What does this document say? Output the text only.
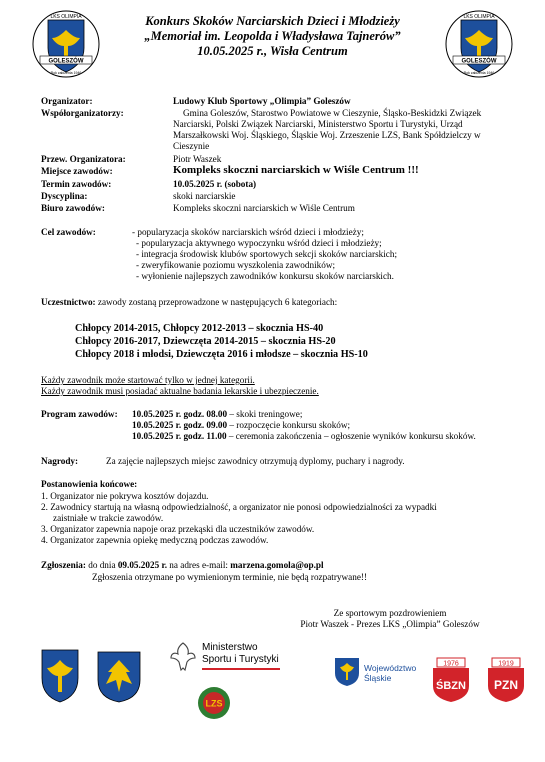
LKS OLIMPIA
GOLESZÓW
Rok założenia 1946
LKS OLIMPIA
GOLESZÓW
Rok założenia 1946
Konkurs Skoków Narciarskich Dzieci i Młodzieży
„Memoriał im. Leopolda i Władysława Tajnerów”
10.05.2025 r., Wisła Centrum
Organizator:	Ludowy Klub Sportowy „Olimpia” Goleszów
Współorganizatorzy:	Gmina Goleszów, Starostwo Powiatowe w Cieszynie, Śląsko-Beskidzki Związek
Narciarski, Polski Związek Narciarski, Ministerstwo Sportu i Turystyki, Urząd
Marszałkowski Woj. Śląskiego, Śląskie Woj. Zrzeszenie LZS, Bank Spółdzielczy w
Cieszynie
Przew. Organizatora:	Piotr Waszek
Miejsce zawodów:	Kompleks skoczni narciarskich w Wiśle Centrum !!!
Termin zawodów:	10.05.2025 r. (sobota)
Dyscyplina:	skoki narciarskie
Biuro zawodów:	Kompleks skoczni narciarskich w Wiśle Centrum
Cel zawodów:	- popularyzacja skoków narciarskich wśród dzieci i młodzieży;
- popularyzacja aktywnego wypoczynku wśród dzieci i młodzieży;
- integracja środowisk klubów sportowych sekcji skoków narciarskich;
- zweryfikowanie poziomu wyszkolenia zawodników;
- wyłonienie najlepszych zawodników konkursu skoków narciarskich.
Uczestnictwo: zawody zostaną przeprowadzone w następujących 6 kategoriach:
Chłopcy 2014-2015, Chłopcy 2012-2013 – skocznia HS-40
Chłopcy 2016-2017, Dziewczęta 2014-2015 – skocznia HS-20
Chłopcy 2018 i młodsi, Dziewczęta 2016 i młodsze – skocznia HS-10
Każdy zawodnik może startować tylko w jednej kategorii.
Każdy zawodnik musi posiadać aktualne badania lekarskie i ubezpieczenie.
Program zawodów: 10.05.2025 r. godz. 08.00 – skoki treningowe;
10.05.2025 r. godz. 09.00 – rozpoczęcie konkursu skoków;
10.05.2025 r. godz. 11.00 – ceremonia zakończenia – ogłoszenie wyników konkursu skoków.
Nagrody:	Za zajęcie najlepszych miejsc zawodnicy otrzymują dyplomy, puchary i nagrody.
Postanowienia końcowe:
1. Organizator nie pokrywa kosztów dojazdu.
2. Zawodnicy startują na własną odpowiedzialność, a organizator nie ponosi odpowiedzialności za wypadki
zaistniałe w trakcie zawodów.
3. Organizator zapewnia napoje oraz przekąski dla uczestników zawodów.
4. Organizator zapewnia opiekę medyczną podczas zawodów.
Zgłoszenia: do dnia 09.05.2025 r. na adres e-mail: marzena.gomola@op.pl
Zgłoszenia otrzymane po wymienionym terminie, nie będą rozpatrywane!!
Ze sportowym pozdrowieniem
Piotr Waszek - Prezes LKS „Olimpia” Goleszów
Ministerstwo
Sportu i Turystyki
LZS
Województwo
Śląskie
1976
ŚBZN
1919
PZN
